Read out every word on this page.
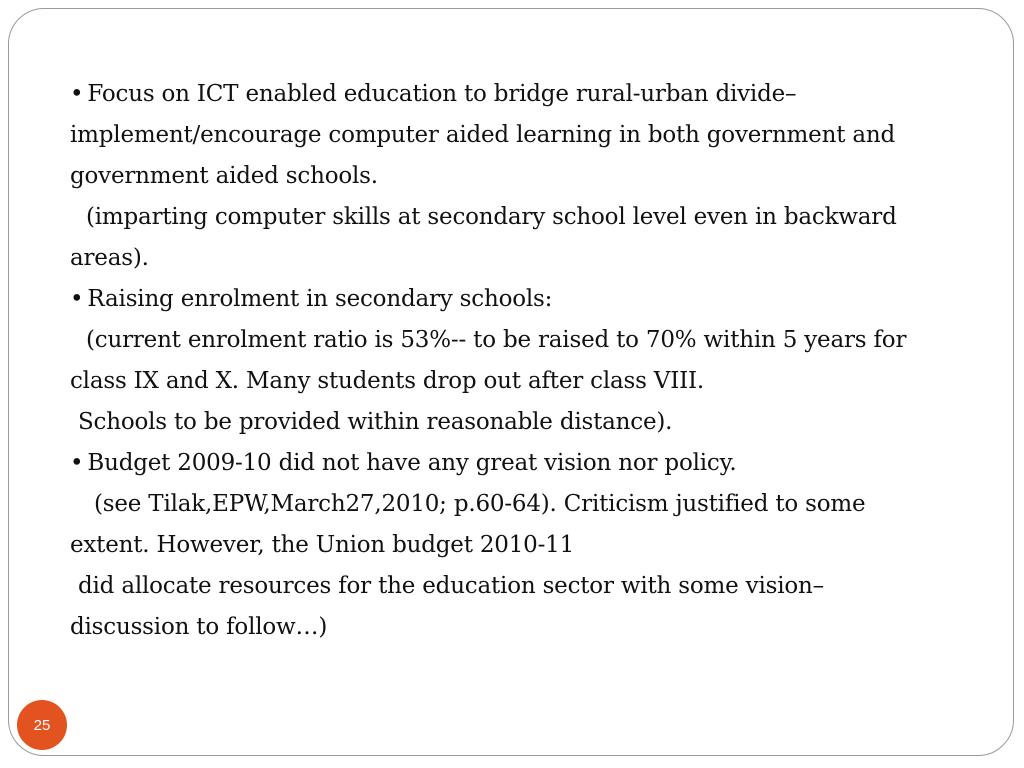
• Focus on ICT enabled education to bridge rural-urban divide–

implement/encourage computer aided learning in both government and

government aided schools.

(imparting computer skills at secondary school level even in backward

areas).

• Raising enrolment in secondary schools:

(current enrolment ratio is 53%-- to be raised to 70% within 5 years for

class IX and X. Many students drop out after class VIII.

Schools to be provided within reasonable distance).

• Budget 2009-10 did not have any great vision nor policy.

(see Tilak,EPW,March27,2010; p.60-64). Criticism justified to some

extent. However, the Union budget 2010-11

did allocate resources for the education sector with some vision–

discussion to follow…)

25
